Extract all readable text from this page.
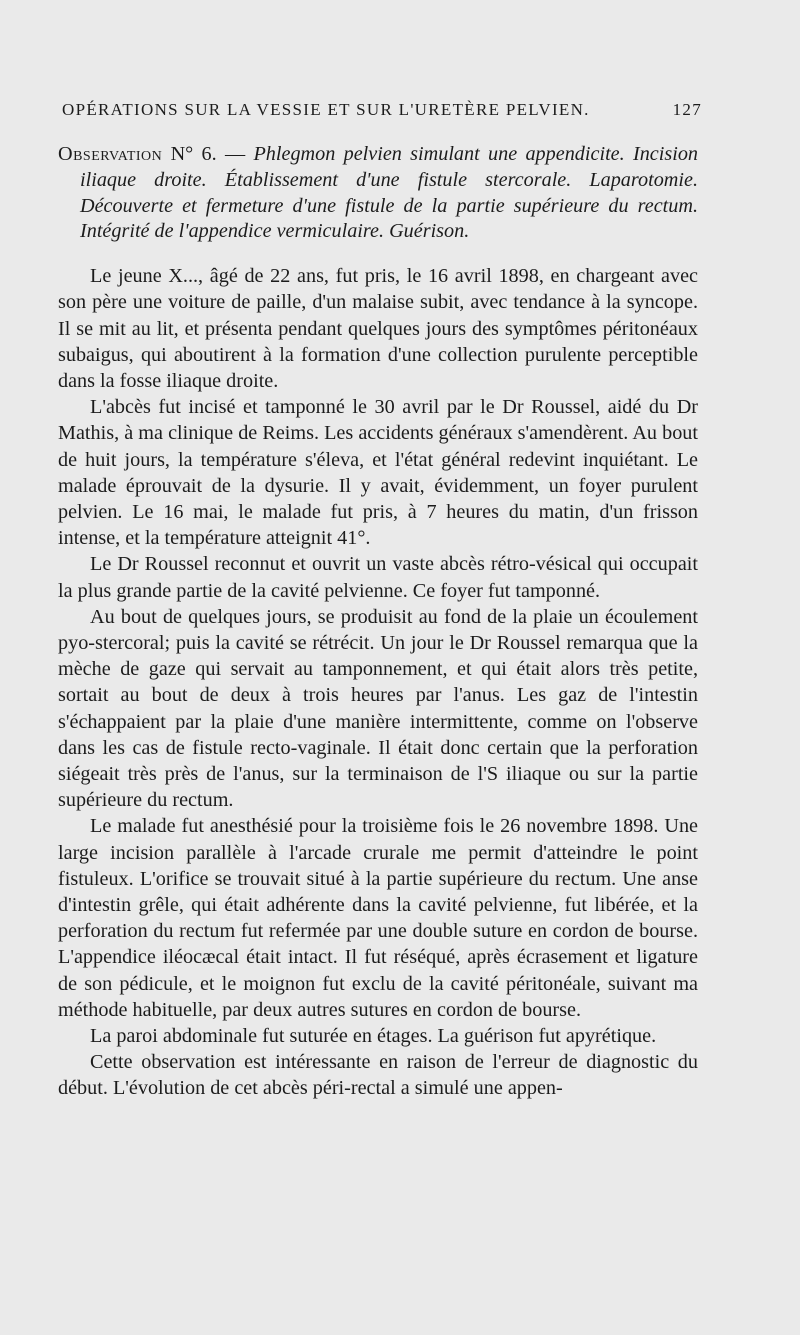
OPÉRATIONS SUR LA VESSIE ET SUR L'URETÈRE PELVIEN.	127

Observation N° 6. — Phlegmon pelvien simulant une appendicite. Incision iliaque droite. Établissement d'une fistule stercorale. Laparotomie. Découverte et fermeture d'une fistule de la partie supérieure du rectum. Intégrité de l'appendice vermiculaire. Guérison.

Le jeune X..., âgé de 22 ans, fut pris, le 16 avril 1898, en chargeant avec son père une voiture de paille, d'un malaise subit, avec tendance à la syncope. Il se mit au lit, et présenta pendant quelques jours des symptômes péritonéaux subaigus, qui aboutirent à la formation d'une collection purulente perceptible dans la fosse iliaque droite.

L'abcès fut incisé et tamponné le 30 avril par le Dr Roussel, aidé du Dr Mathis, à ma clinique de Reims. Les accidents généraux s'amendèrent. Au bout de huit jours, la température s'éleva, et l'état général redevint inquiétant. Le malade éprouvait de la dysurie. Il y avait, évidemment, un foyer purulent pelvien. Le 16 mai, le malade fut pris, à 7 heures du matin, d'un frisson intense, et la température atteignit 41°.

Le Dr Roussel reconnut et ouvrit un vaste abcès rétro-vésical qui occupait la plus grande partie de la cavité pelvienne. Ce foyer fut tamponné.

Au bout de quelques jours, se produisit au fond de la plaie un écoulement pyo-stercoral; puis la cavité se rétrécit. Un jour le Dr Roussel remarqua que la mèche de gaze qui servait au tamponnement, et qui était alors très petite, sortait au bout de deux à trois heures par l'anus. Les gaz de l'intestin s'échappaient par la plaie d'une manière intermittente, comme on l'observe dans les cas de fistule recto-vaginale. Il était donc certain que la perforation siégeait très près de l'anus, sur la terminaison de l'S iliaque ou sur la partie supérieure du rectum.

Le malade fut anesthésié pour la troisième fois le 26 novembre 1898. Une large incision parallèle à l'arcade crurale me permit d'atteindre le point fistuleux. L'orifice se trouvait situé à la partie supérieure du rectum. Une anse d'intestin grêle, qui était adhérente dans la cavité pelvienne, fut libérée, et la perforation du rectum fut refermée par une double suture en cordon de bourse. L'appendice iléocæcal était intact. Il fut réséqué, après écrasement et ligature de son pédicule, et le moignon fut exclu de la cavité péritonéale, suivant ma méthode habituelle, par deux autres sutures en cordon de bourse.

La paroi abdominale fut suturée en étages. La guérison fut apyrétique.

Cette observation est intéressante en raison de l'erreur de diagnostic du début. L'évolution de cet abcès péri-rectal a simulé une appen-
